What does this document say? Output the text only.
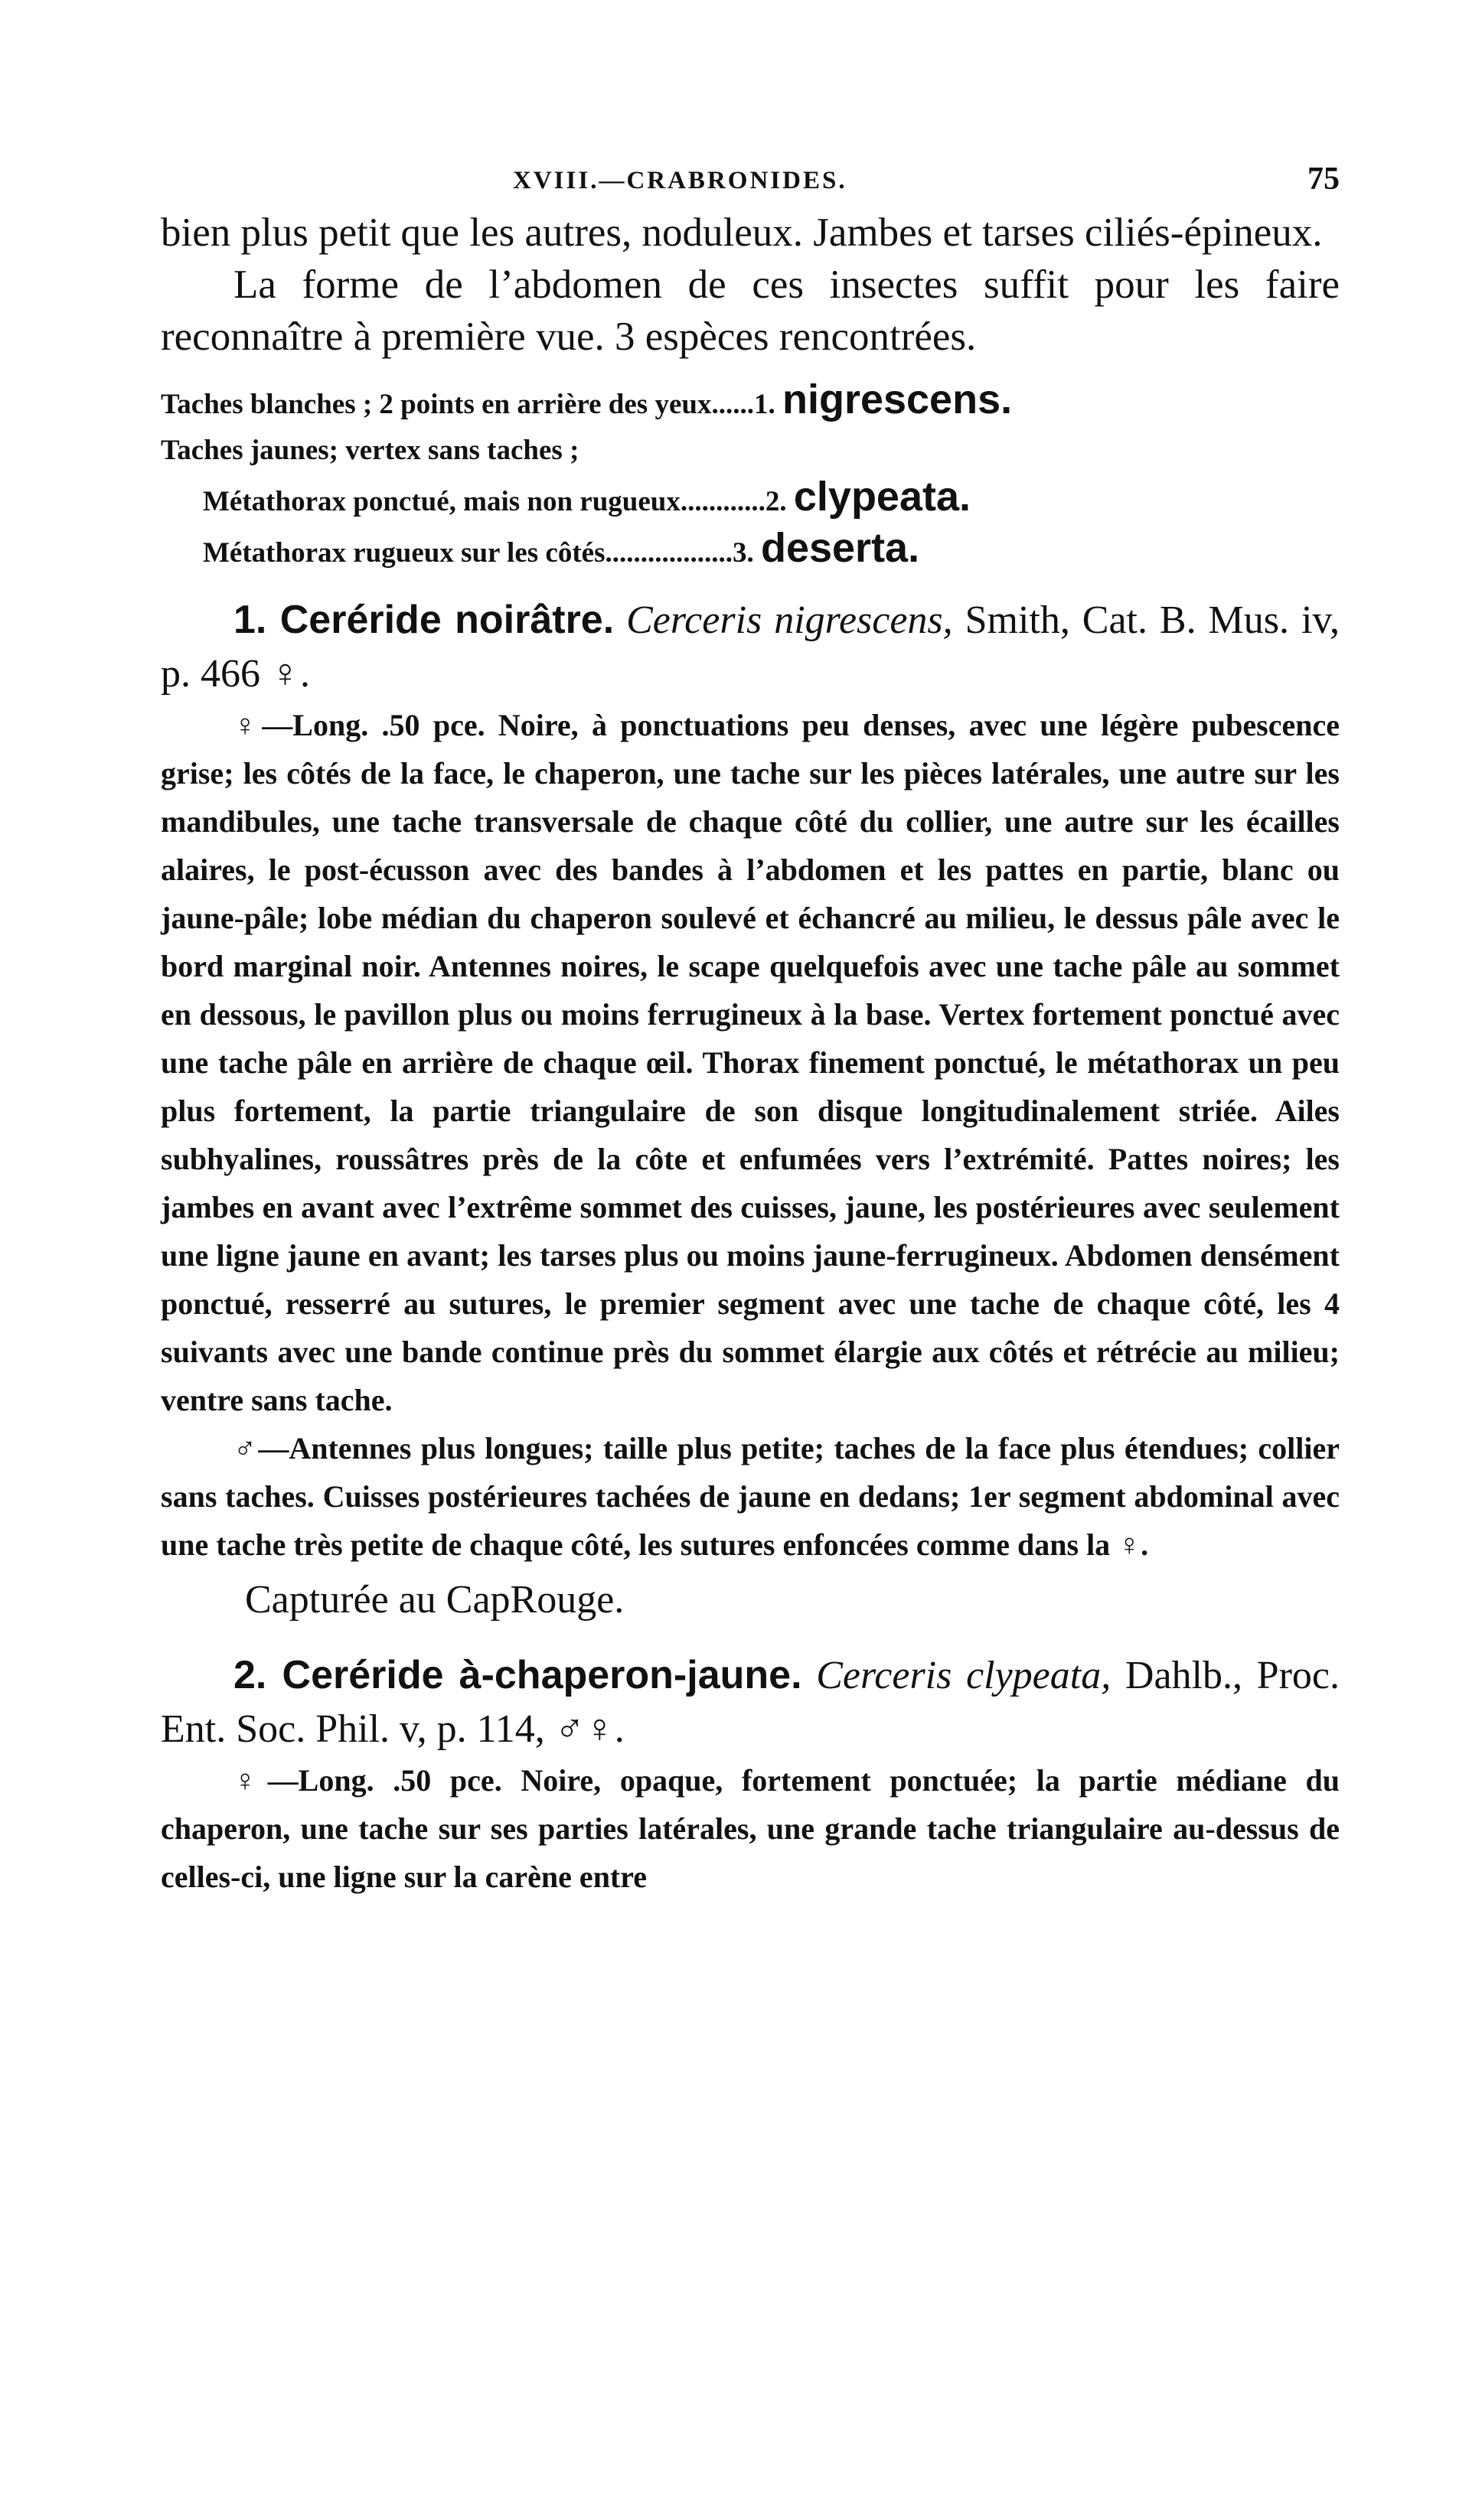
XVIII.—CRABRONIDES.	75

bien plus petit que les autres, noduleux. Jambes et tarses ciliés-épineux.

La forme de l’abdomen de ces insectes suffit pour les faire reconnaître à première vue. 3 espèces rencontrées.

Taches blanches ; 2 points en arrière des yeux......1. nigrescens.
Taches jaunes; vertex sans taches ;
Métathorax ponctué, mais non rugueux............2. clypeata.
Métathorax rugueux sur les côtés..................3. deserta.
1. Ceréride noirâtre. Cerceris nigrescens, Smith, Cat. B. Mus. iv, p. 466 ♀.

♀—Long. .50 pce. Noire, à ponctuations peu denses, avec une légère pubescence grise; les côtés de la face, le chaperon, une tache sur les pièces latérales, une autre sur les mandibules, une tache transversale de chaque côté du collier, une autre sur les écailles alaires, le post-écusson avec des bandes à l’abdomen et les pattes en partie, blanc ou jaune-pâle; lobe médian du chaperon soulevé et échancré au milieu, le dessus pâle avec le bord marginal noir. Antennes noires, le scape quelquefois avec une tache pâle au sommet en dessous, le pavillon plus ou moins ferrugineux à la base. Vertex fortement ponctué avec une tache pâle en arrière de chaque œil. Thorax finement ponctué, le métathorax un peu plus fortement, la partie triangulaire de son disque longitudinalement striée. Ailes subhyalines, roussâtres près de la côte et enfumées vers l’extrémité. Pattes noires; les jambes en avant avec l’extrême sommet des cuisses, jaune, les postérieures avec seulement une ligne jaune en avant; les tarses plus ou moins jaune-ferrugineux. Abdomen densément ponctué, resserré au sutures, le premier segment avec une tache de chaque côté, les 4 suivants avec une bande continue près du sommet élargie aux côtés et rétrécie au milieu; ventre sans tache.

♂—Antennes plus longues; taille plus petite; taches de la face plus étendues; collier sans taches. Cuisses postérieures tachées de jaune en dedans; 1er segment abdominal avec une tache très petite de chaque côté, les sutures enfoncées comme dans la ♀.

Capturée au CapRouge.

2. Ceréride à-chaperon-jaune. Cerceris clypeata, Dahlb., Proc. Ent. Soc. Phil. v, p. 114, ♂♀.

♀—Long. .50 pce. Noire, opaque, fortement ponctuée; la partie médiane du chaperon, une tache sur ses parties latérales, une grande tache triangulaire au-dessus de celles-ci, une ligne sur la carène entre
